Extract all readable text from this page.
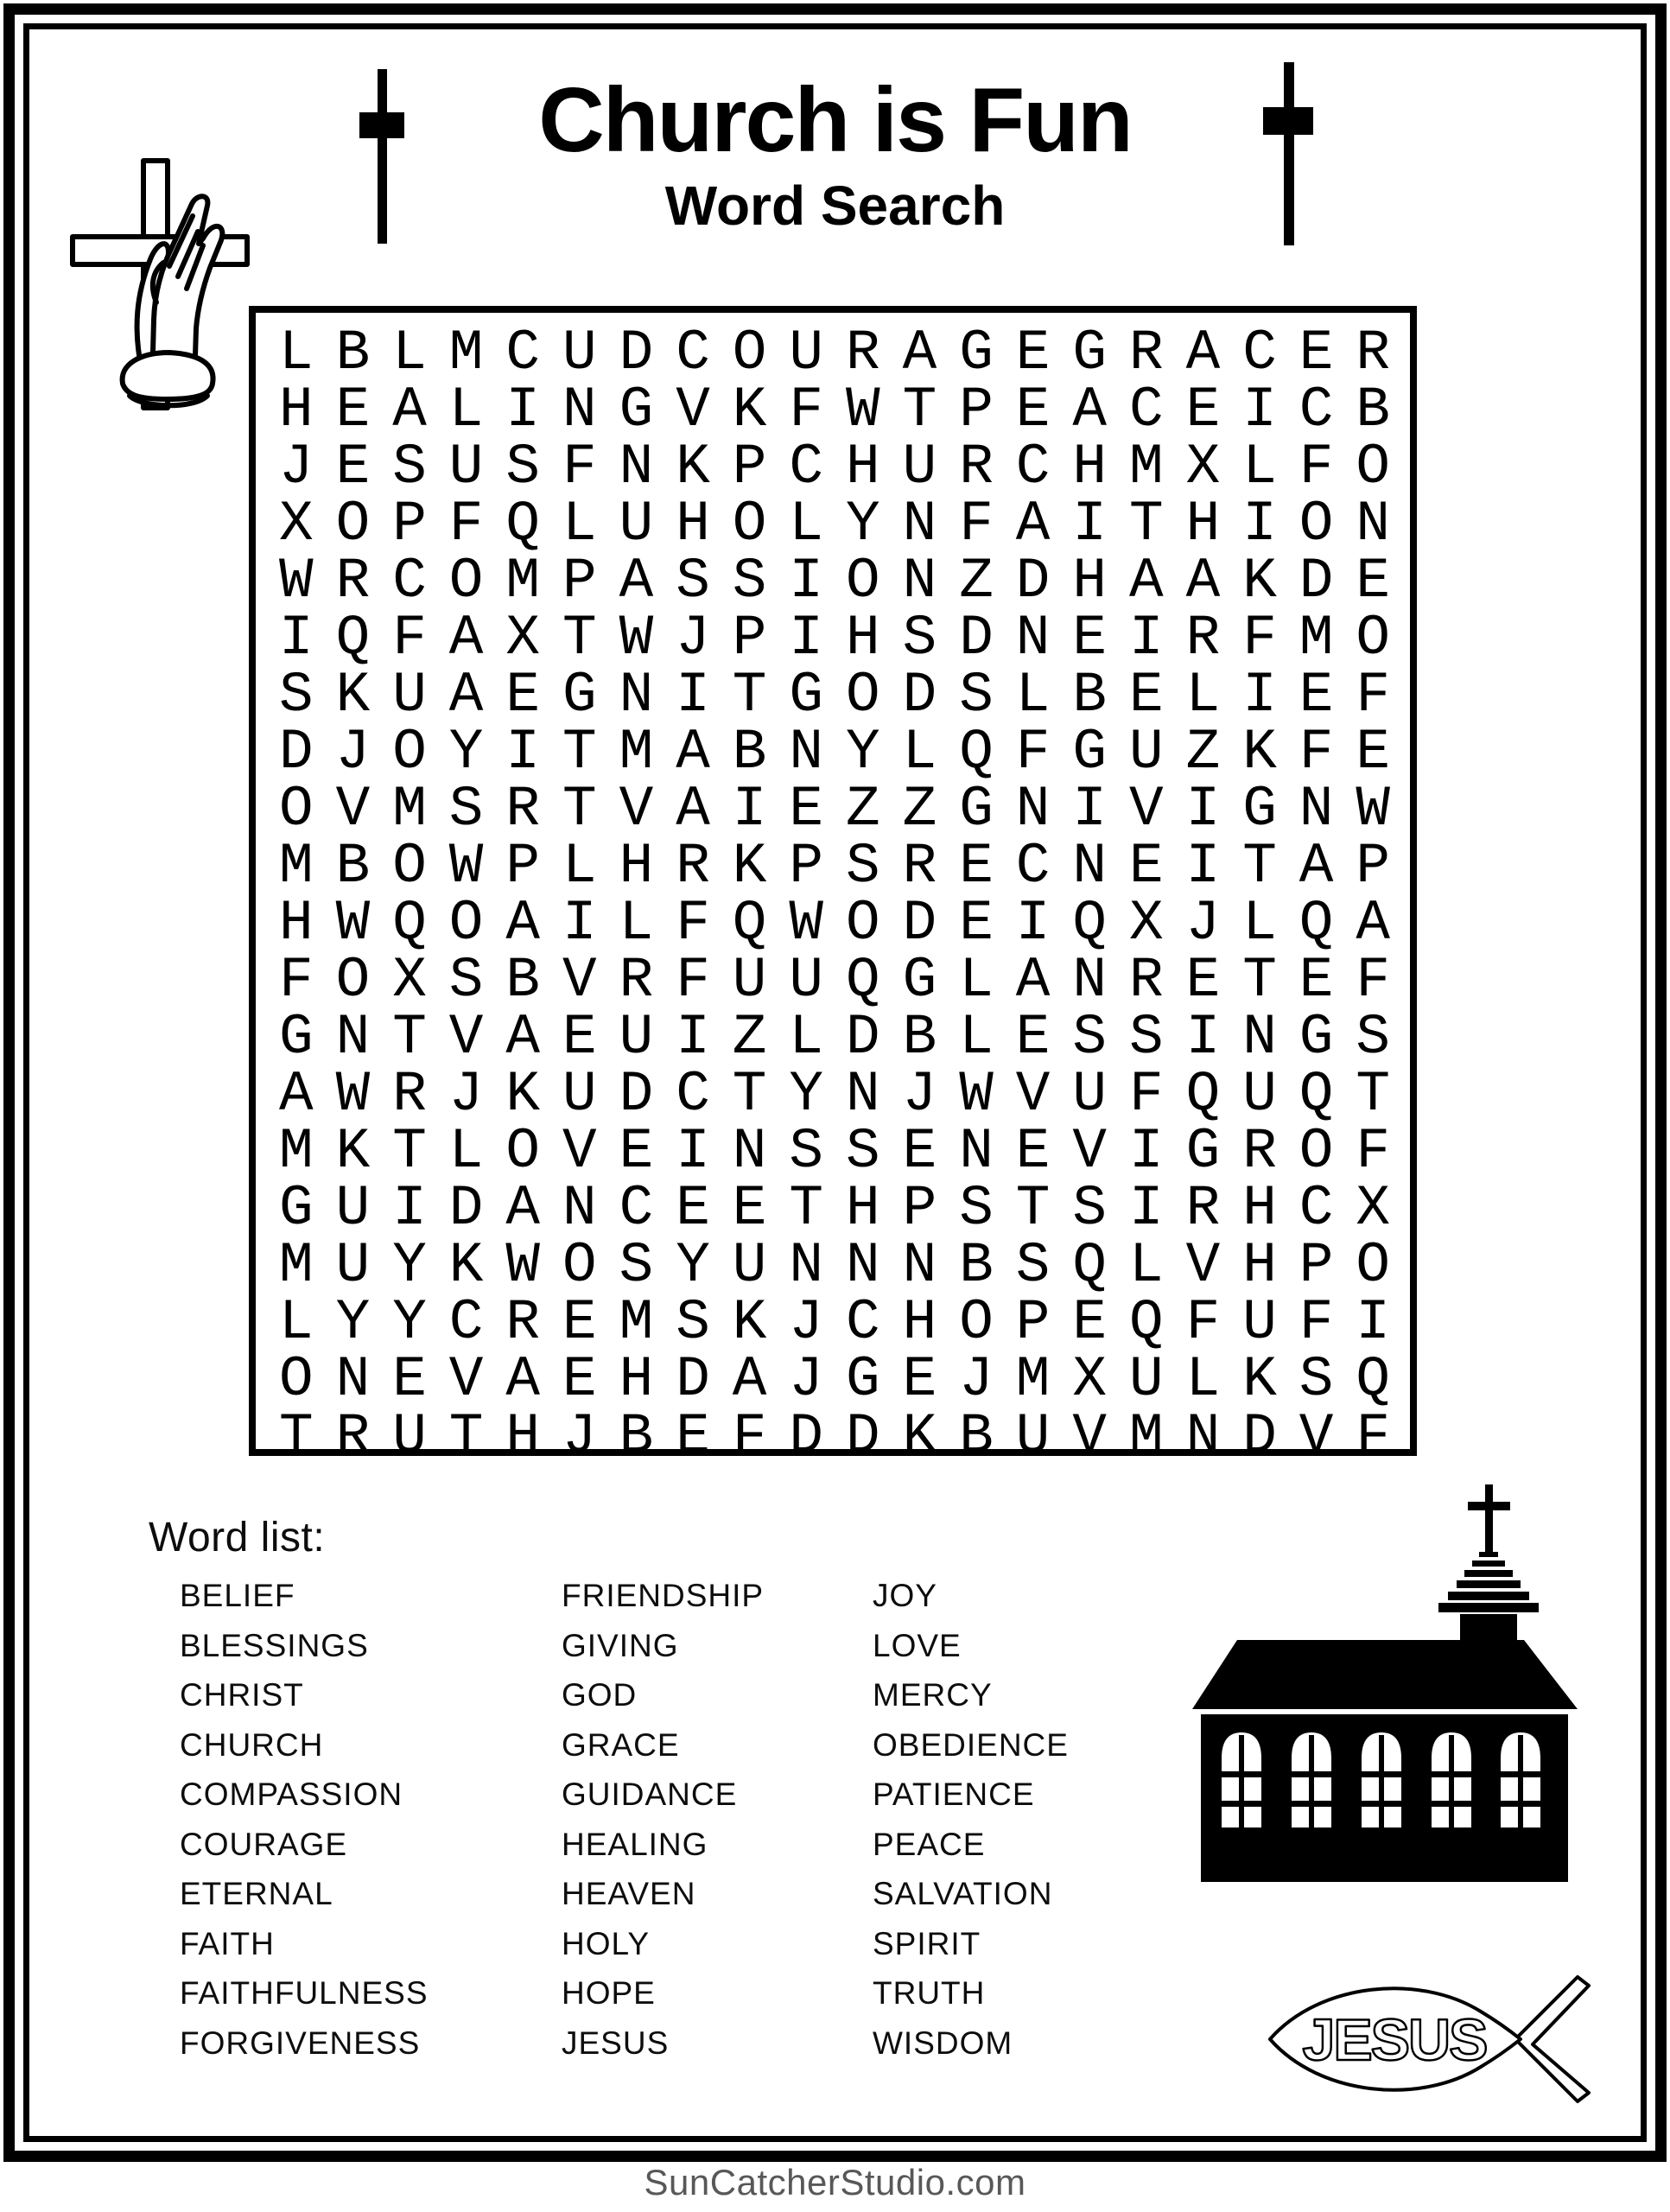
Church is Fun
Word Search
L B L M C U D C O U R A G E G R A C E R
H E A L I N G V K F W T P E A C E I C B
J E S U S F N K P C H U R C H M X L F O
X O P F Q L U H O L Y N F A I T H I O N
W R C O M P A S S I O N Z D H A A K D E
I Q F A X T W J P I H S D N E I R F M O
S K U A E G N I T G O D S L B E L I E F
D J O Y I T M A B N Y L Q F G U Z K F E
O V M S R T V A I E Z Z G N I V I G N W
M B O W P L H R K P S R E C N E I T A P
H W Q O A I L F Q W O D E I Q X J L Q A
F O X S B V R F U U Q G L A N R E T E F
G N T V A E U I Z L D B L E S S I N G S
A W R J K U D C T Y N J W V U F Q U Q T
M K T L O V E I N S S E N E V I G R O F
G U I D A N C E E T H P S T S I R H C X
M U Y K W O S Y U N N N B S Q L V H P O
L Y Y C R E M S K J C H O P E Q F U F I
O N E V A E H D A J G E J M X U L K S Q
T R U T H J B E F D D K B U V M N D V F
Word list:
BELIEF
BLESSINGS
CHRIST
CHURCH
COMPASSION
COURAGE
ETERNAL
FAITH
FAITHFULNESS
FORGIVENESS
FRIENDSHIP
GIVING
GOD
GRACE
GUIDANCE
HEALING
HEAVEN
HOLY
HOPE
JESUS
JOY
LOVE
MERCY
OBEDIENCE
PATIENCE
PEACE
SALVATION
SPIRIT
TRUTH
WISDOM	JESUS
SunCatcherStudio.com
